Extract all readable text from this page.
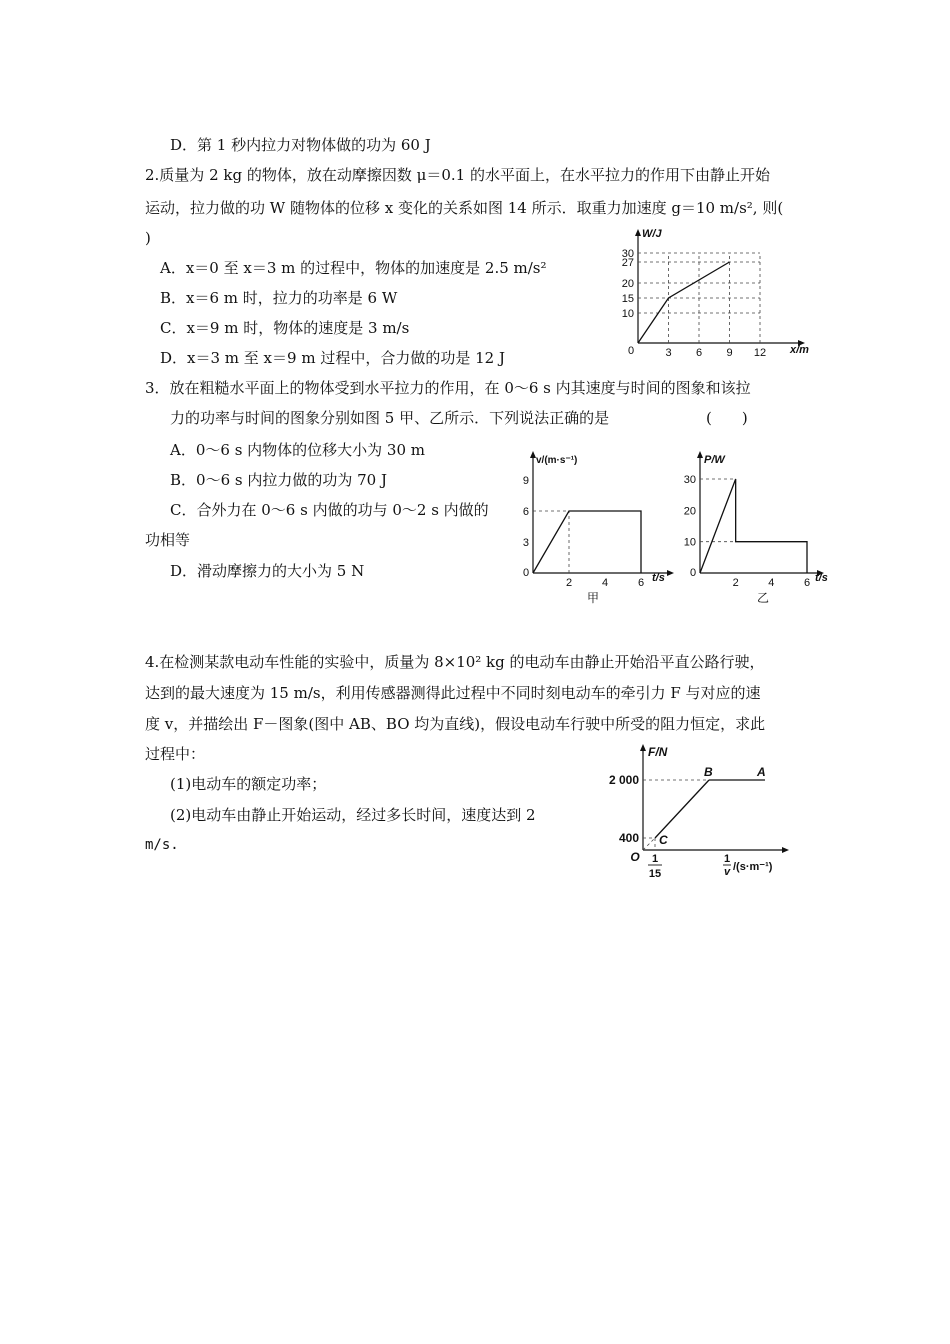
D．第 1 秒内拉力对物体做的功为 60 J
2.质量为 2 kg 的物体，放在动摩擦因数 μ＝0.1 的水平面上，在水平拉力的作用下由静止开始
运动，拉力做的功 W 随物体的位移 x 变化的关系如图 14 所示．取重力加速度 g＝10 m/s², 则(
)
A．x＝0 至 x＝3 m 的过程中，物体的加速度是 2.5 m/s²
B．x＝6 m 时，拉力的功率是 6 W
C．x＝9 m 时，物体的速度是 3 m/s
D．x＝3 m 至 x＝9 m 过程中，合力做的功是 12 J
3．放在粗糙水平面上的物体受到水平拉力的作用，在 0～6 s 内其速度与时间的图象和该拉
力的功率与时间的图象分别如图 5 甲、乙所示．下列说法正确的是	(　　)
A．0～6 s 内物体的位移大小为 30 m
B．0～6 s 内拉力做的功为 70 J
C．合外力在 0～6 s 内做的功与 0～2 s 内做的
功相等
D．滑动摩擦力的大小为 5 N
4.在检测某款电动车性能的实验中，质量为 8×10² kg 的电动车由静止开始沿平直公路行驶，
达到的最大速度为 15 m/s，利用传感器测得此过程中不同时刻电动车的牵引力 F 与对应的速
度 v，并描绘出 F－图象(图中 AB、BO 均为直线)，假设电动车行驶中所受的阻力恒定，求此
过程中：
(1)电动车的额定功率；
(2)电动车由静止开始运动，经过多长时间，速度达到 2
m/s.
W/J
x/m
0	3 6 9 12
10
15
20
27
30
v/(m·s⁻¹)
t/s
0
甲
2	4	6
3
6
9
P/W
t/s
0
乙
2	4	6
10
20
30
F/N
2 000
400
O
A
B
C
1
15
1
v /(s·m⁻¹)
